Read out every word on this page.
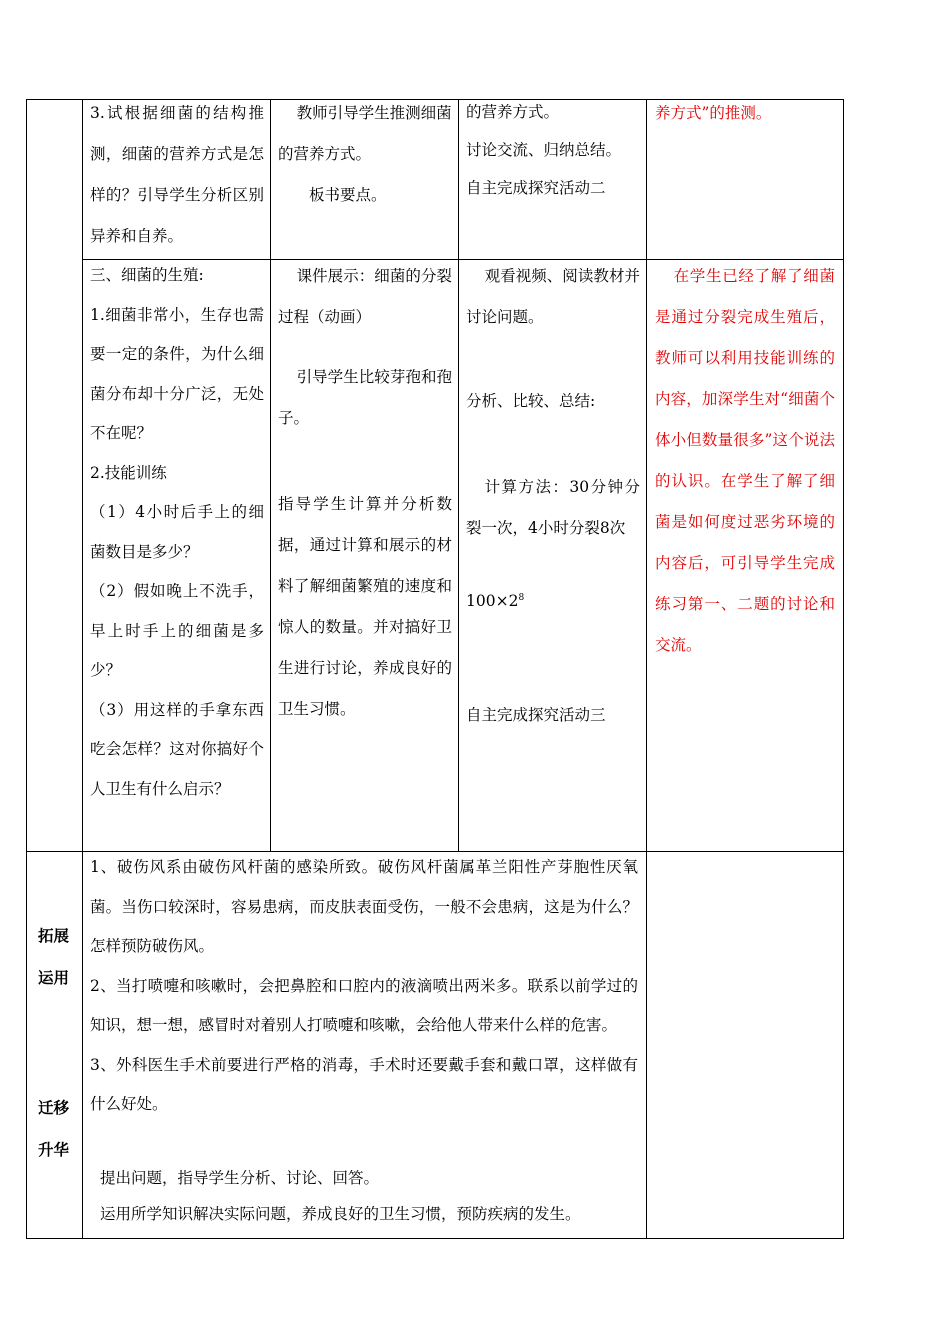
3.试根据细菌的结构推测，细菌的营养方式是怎样的？引导学生分析区别异养和自养。

教师引导学生推测细菌的营养方式。

板书要点。

的营养方式。

讨论交流、归纳总结。

自主完成探究活动二

养方式”的推测。

三、细菌的生殖:

1.细菌非常小，生存也需要一定的条件，为什么细菌分布却十分广泛，无处不在呢？

2.技能训练

（1）4小时后手上的细菌数目是多少？

（2）假如晚上不洗手，早上时手上的细菌是多少？

（3）用这样的手拿东西吃会怎样？这对你搞好个人卫生有什么启示？

课件展示：细菌的分裂过程（动画）

引导学生比较芽孢和孢子。

指导学生计算并分析数据，通过计算和展示的材料了解细菌繁殖的速度和惊人的数量。并对搞好卫生进行讨论，养成良好的卫生习惯。

观看视频、阅读教材并讨论问题。

分析、比较、总结:

计算方法：30分钟分裂一次，4小时分裂8次

$100\times 2^8$

自主完成探究活动三

在学生已经了解了细菌是通过分裂完成生殖后，教师可以利用技能训练的内容，加深学生对“细菌个体小但数量很多”这个说法的认识。在学生了解了细菌是如何度过恶劣环境的内容后，可引导学生完成练习第一、二题的讨论和交流。

拓展
运用
迁移
升华

1、破伤风系由破伤风杆菌的感染所致。破伤风杆菌属革兰阳性产芽胞性厌氧菌。当伤口较深时，容易患病，而皮肤表面受伤，一般不会患病，这是为什么？怎样预防破伤风。

2、当打喷嚏和咳嗽时，会把鼻腔和口腔内的液滴喷出两米多。联系以前学过的知识，想一想，感冒时对着别人打喷嚏和咳嗽，会给他人带来什么样的危害。

3、外科医生手术前要进行严格的消毒，手术时还要戴手套和戴口罩，这样做有什么好处。

提出问题，指导学生分析、讨论、回答。

运用所学知识解决实际问题，养成良好的卫生习惯，预防疾病的发生。
